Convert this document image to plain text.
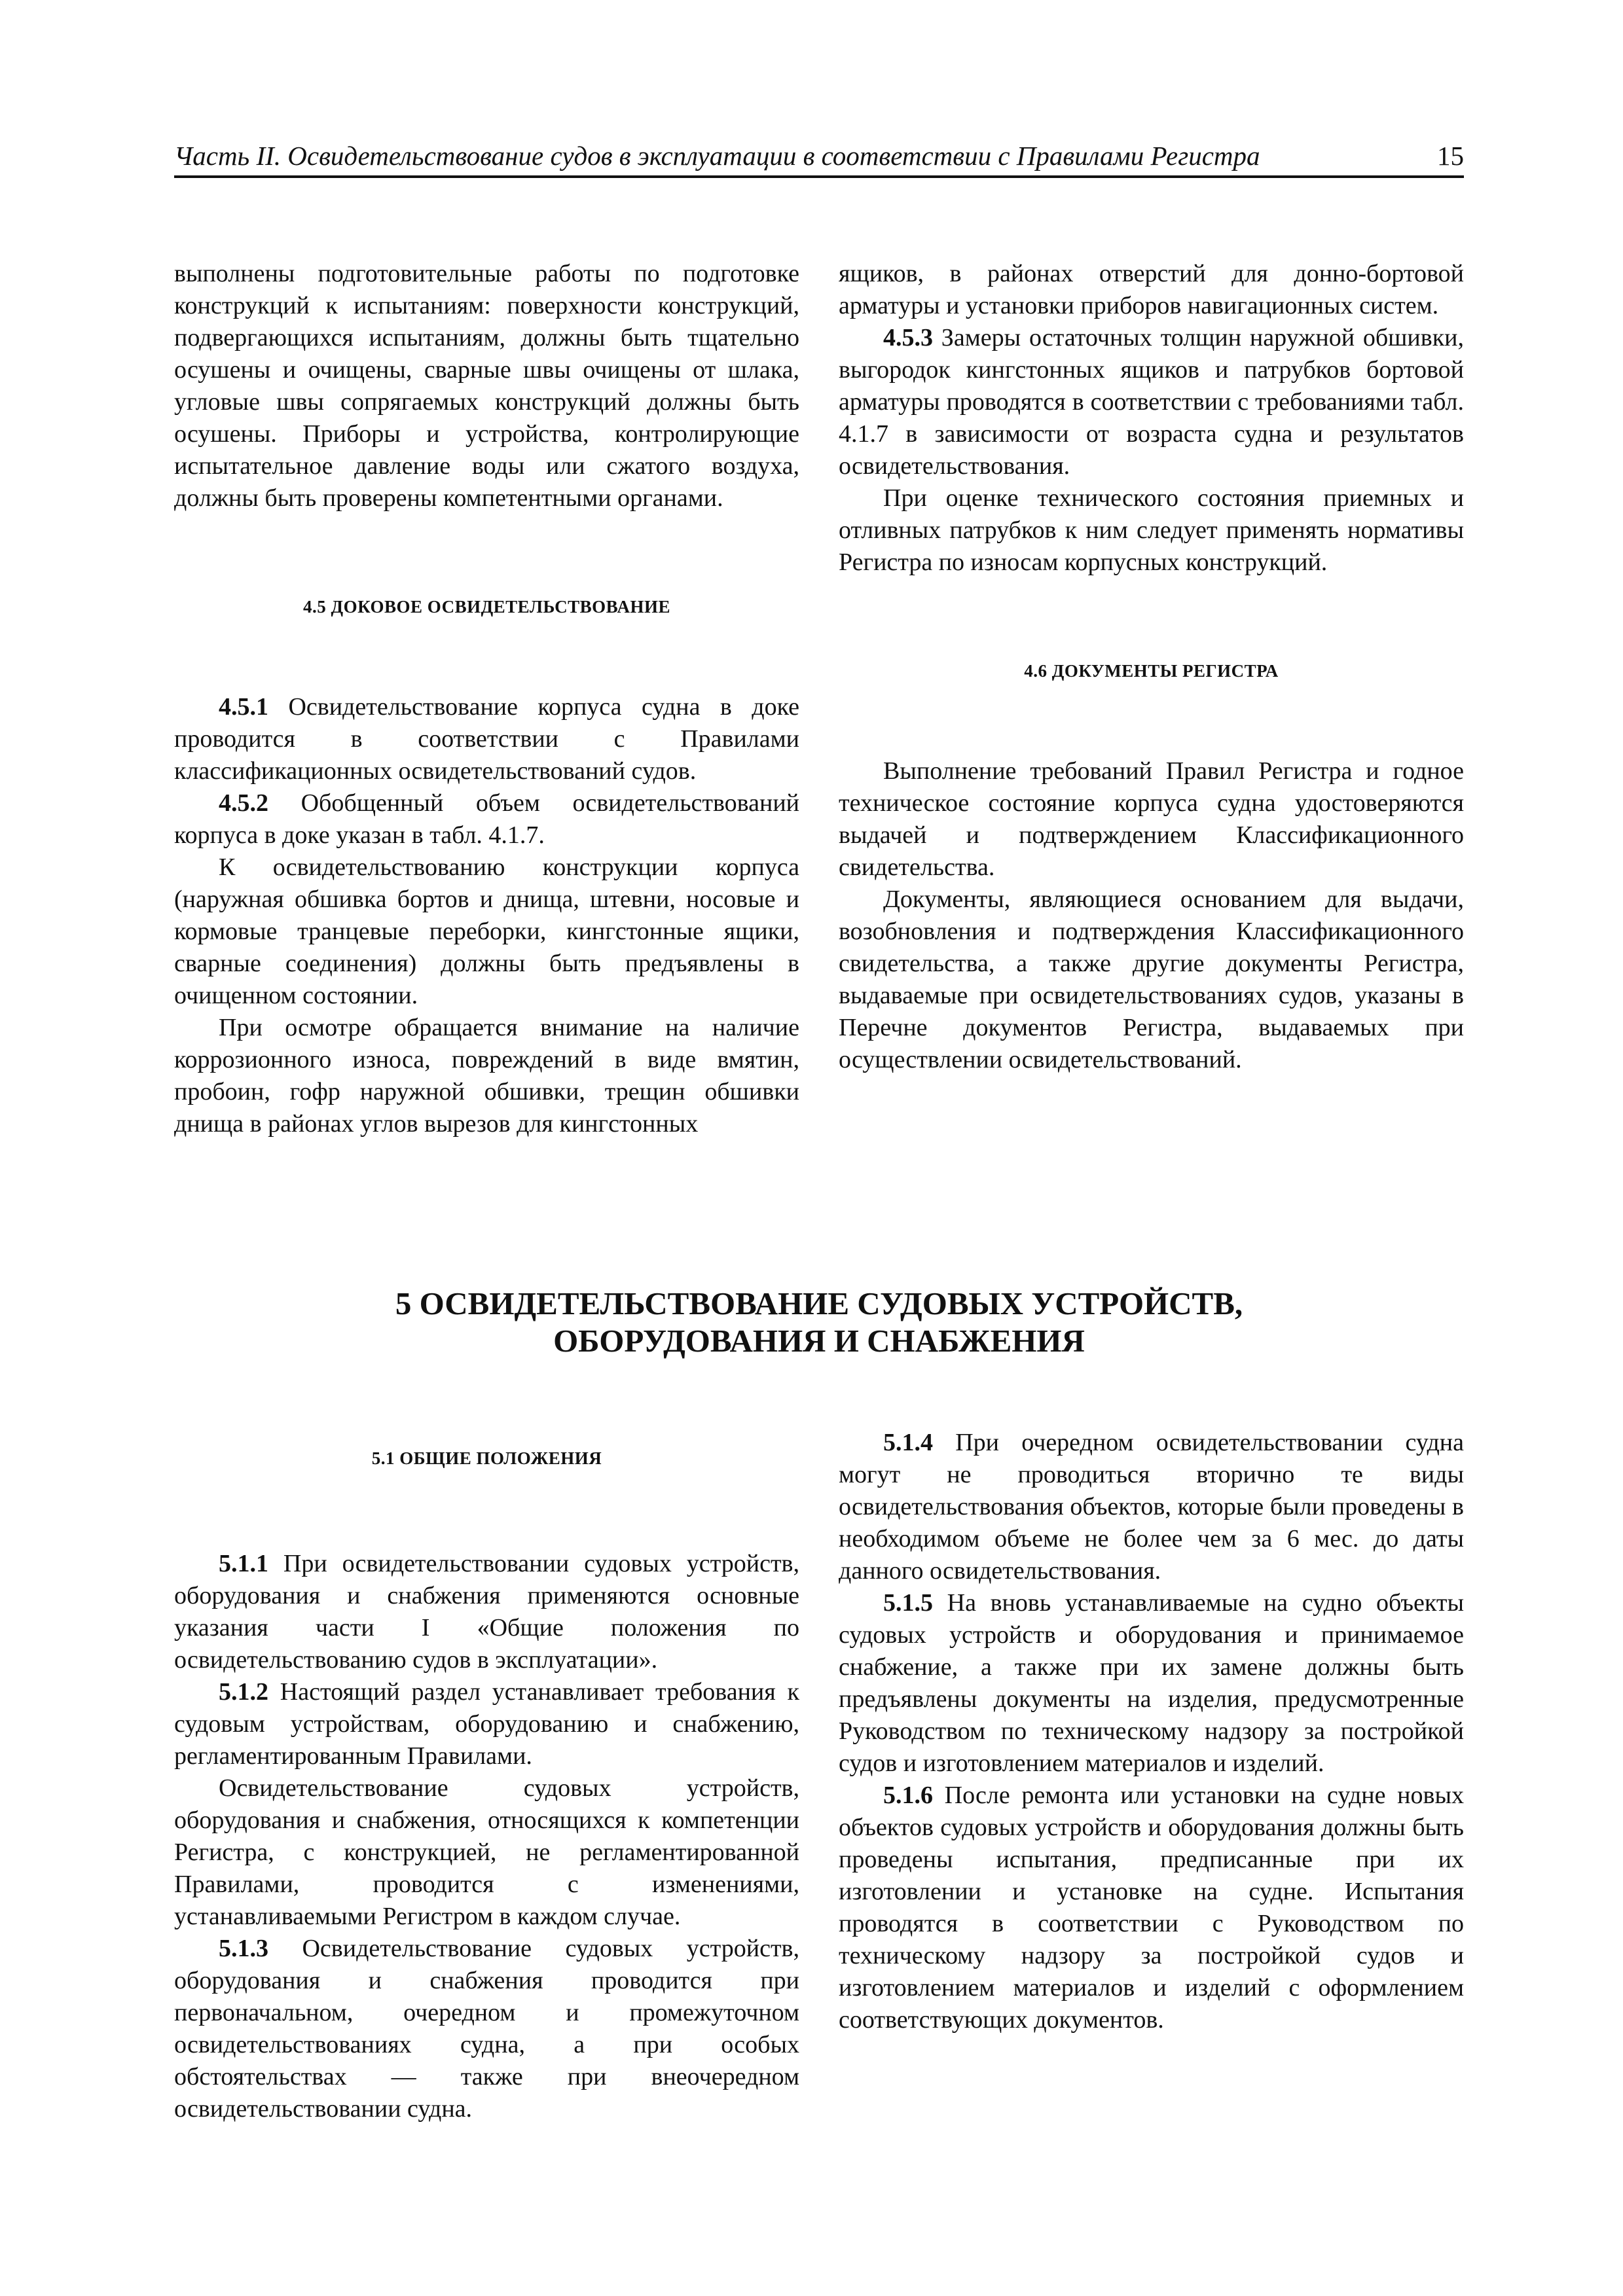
Часть II. Освидетельствование судов в эксплуатации в соответствии с Правилами Регистра	15

выполнены подготовительные работы по подготовке конструкций к испытаниям: поверхности конструкций, подвергающихся испытаниям, должны быть тщательно осушены и очищены, сварные швы очищены от шлака, угловые швы сопрягаемых конструкций должны быть осушены. Приборы и устройства, контролирующие испытательное давление воды или сжатого воздуха, должны быть проверены компетентными органами.

4.5 ДОКОВОЕ ОСВИДЕТЕЛЬСТВОВАНИЕ

4.5.1 Освидетельствование корпуса судна в доке проводится в соответствии с Правилами классификационных освидетельствований судов.

4.5.2 Обобщенный объем освидетельствований корпуса в доке указан в табл. 4.1.7.

К освидетельствованию конструкции корпуса (наружная обшивка бортов и днища, штевни, носовые и кормовые транцевые переборки, кингстонные ящики, сварные соединения) должны быть предъявлены в очищенном состоянии.

При осмотре обращается внимание на наличие коррозионного износа, повреждений в виде вмятин, пробоин, гофр наружной обшивки, трещин обшивки днища в районах углов вырезов для кингстонных

ящиков, в районах отверстий для донно-бортовой арматуры и установки приборов навигационных систем.

4.5.3 Замеры остаточных толщин наружной обшивки, выгородок кингстонных ящиков и патрубков бортовой арматуры проводятся в соответствии с требованиями табл. 4.1.7 в зависимости от возраста судна и результатов освидетельствования.

При оценке технического состояния приемных и отливных патрубков к ним следует применять нормативы Регистра по износам корпусных конструкций.

4.6 ДОКУМЕНТЫ РЕГИСТРА

Выполнение требований Правил Регистра и годное техническое состояние корпуса судна удостоверяются выдачей и подтверждением Классификационного свидетельства.

Документы, являющиеся основанием для выдачи, возобновления и подтверждения Классификационного свидетельства, а также другие документы Регистра, выдаваемые при освидетельствованиях судов, указаны в Перечне документов Регистра, выдаваемых при осуществлении освидетельствований.

5 ОСВИДЕТЕЛЬСТВОВАНИЕ СУДОВЫХ УСТРОЙСТВ,
ОБОРУДОВАНИЯ И СНАБЖЕНИЯ
5.1 ОБЩИЕ ПОЛОЖЕНИЯ

5.1.1 При освидетельствовании судовых устройств, оборудования и снабжения применяются основные указания части I «Общие положения по освидетельствованию судов в эксплуатации».

5.1.2 Настоящий раздел устанавливает требования к судовым устройствам, оборудованию и снабжению, регламентированным Правилами.

Освидетельствование судовых устройств, оборудования и снабжения, относящихся к компетенции Регистра, с конструкцией, не регламентированной Правилами, проводится с изменениями, устанавливаемыми Регистром в каждом случае.

5.1.3 Освидетельствование судовых устройств, оборудования и снабжения проводится при первоначальном, очередном и промежуточном освидетельствованиях судна, а при особых обстоятельствах — также при внеочередном освидетельствовании судна.

5.1.4 При очередном освидетельствовании судна могут не проводиться вторично те виды освидетельствования объектов, которые были проведены в необходимом объеме не более чем за 6 мес. до даты данного освидетельствования.

5.1.5 На вновь устанавливаемые на судно объекты судовых устройств и оборудования и принимаемое снабжение, а также при их замене должны быть предъявлены документы на изделия, предусмотренные Руководством по техническому надзору за постройкой судов и изготовлением материалов и изделий.

5.1.6 После ремонта или установки на судне новых объектов судовых устройств и оборудования должны быть проведены испытания, предписанные при их изготовлении и установке на судне. Испытания проводятся в соответствии с Руководством по техническому надзору за постройкой судов и изготовлением материалов и изделий с оформлением соответствующих документов.
